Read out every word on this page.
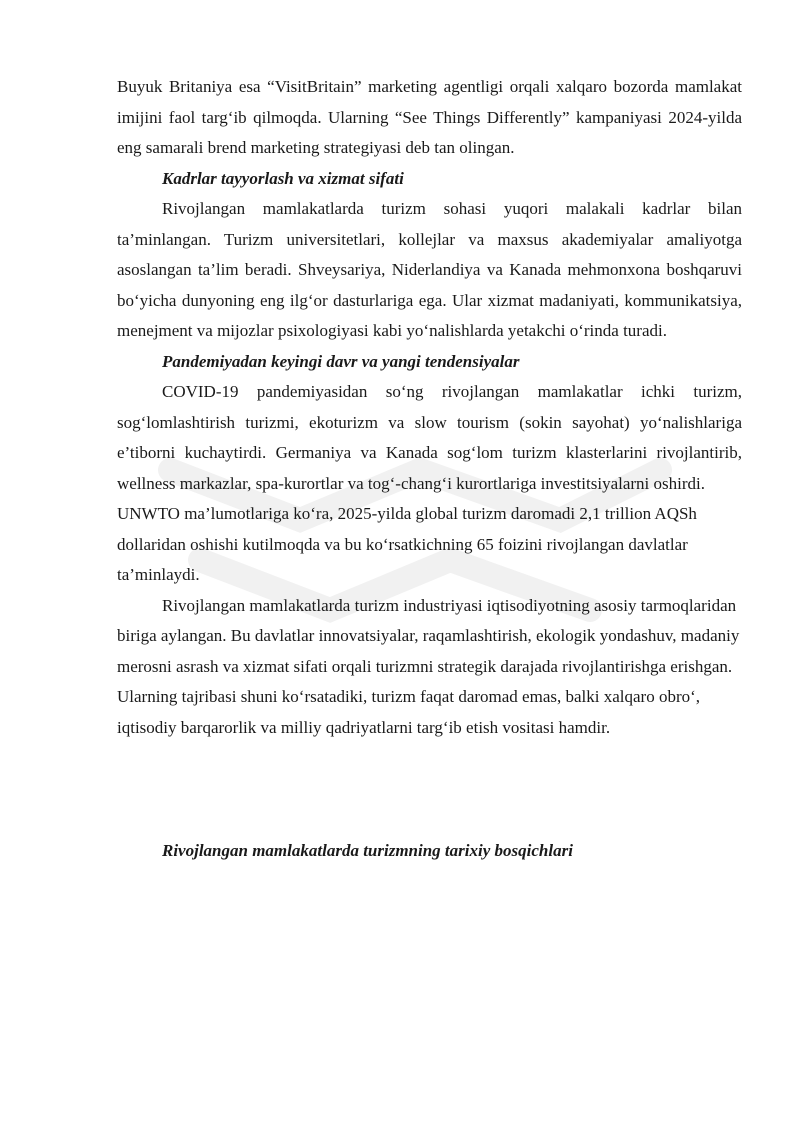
Buyuk Britaniya esa “VisitBritain” marketing agentligi orqali xalqaro bozorda mamlakat imijini faol targ‘ib qilmoqda. Ularning “See Things Differently” kampaniyasi 2024-yilda eng samarali brend marketing strategiyasi deb tan olingan.

Kadrlar tayyorlash va xizmat sifati

Rivojlangan mamlakatlarda turizm sohasi yuqori malakali kadrlar bilan ta’minlangan. Turizm universitetlari, kollejlar va maxsus akademiyalar amaliyotga asoslangan ta’lim beradi. Shveysariya, Niderlandiya va Kanada mehmonxona boshqaruvi bo‘yicha dunyoning eng ilg‘or dasturlariga ega. Ular xizmat madaniyati, kommunikatsiya, menejment va mijozlar psixologiyasi kabi yo‘nalishlarda yetakchi o‘rinda turadi.

Pandemiyadan keyingi davr va yangi tendensiyalar

COVID-19 pandemiyasidan so‘ng rivojlangan mamlakatlar ichki turizm, sog‘lomlashtirish turizmi, ekoturizm va slow tourism (sokin sayohat) yo‘nalishlariga e’tiborni kuchaytirdi. Germaniya va Kanada sog‘lom turizm klasterlarini rivojlantirib, wellness markazlar, spa-kurortlar va tog‘-chang‘i kurortlariga investitsiyalarni oshirdi.

UNWTO ma’lumotlariga ko‘ra, 2025-yilda global turizm daromadi 2,1 trillion AQSh dollaridan oshishi kutilmoqda va bu ko‘rsatkichning 65 foizini rivojlangan davlatlar ta’minlaydi.

Rivojlangan mamlakatlarda turizm industriyasi iqtisodiyotning asosiy tarmoqlaridan biriga aylangan. Bu davlatlar innovatsiyalar, raqamlashtirish, ekologik yondashuv, madaniy merosni asrash va xizmat sifati orqali turizmni strategik darajada rivojlantirishga erishgan. Ularning tajribasi shuni ko‘rsatadiki, turizm faqat daromad emas, balki xalqaro obro‘, iqtisodiy barqarorlik va milliy qadriyatlarni targ‘ib etish vositasi hamdir.

Rivojlangan mamlakatlarda turizmning tarixiy bosqichlari
